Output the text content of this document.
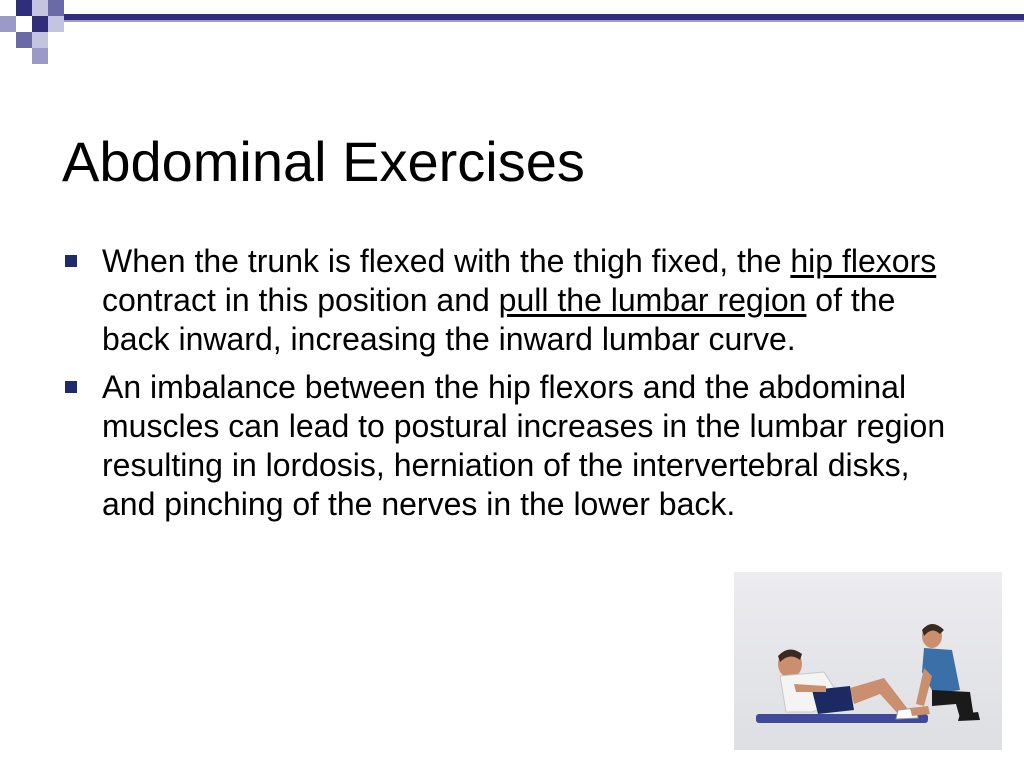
Abdominal Exercises
When the trunk is flexed with the thigh fixed, the hip flexors contract in this position and pull the lumbar region of the back inward, increasing the inward lumbar curve.
An imbalance between the hip flexors and the abdominal muscles can lead to postural increases in the lumbar region resulting in lordosis, herniation of the intervertebral disks, and pinching of the nerves in the lower back.
